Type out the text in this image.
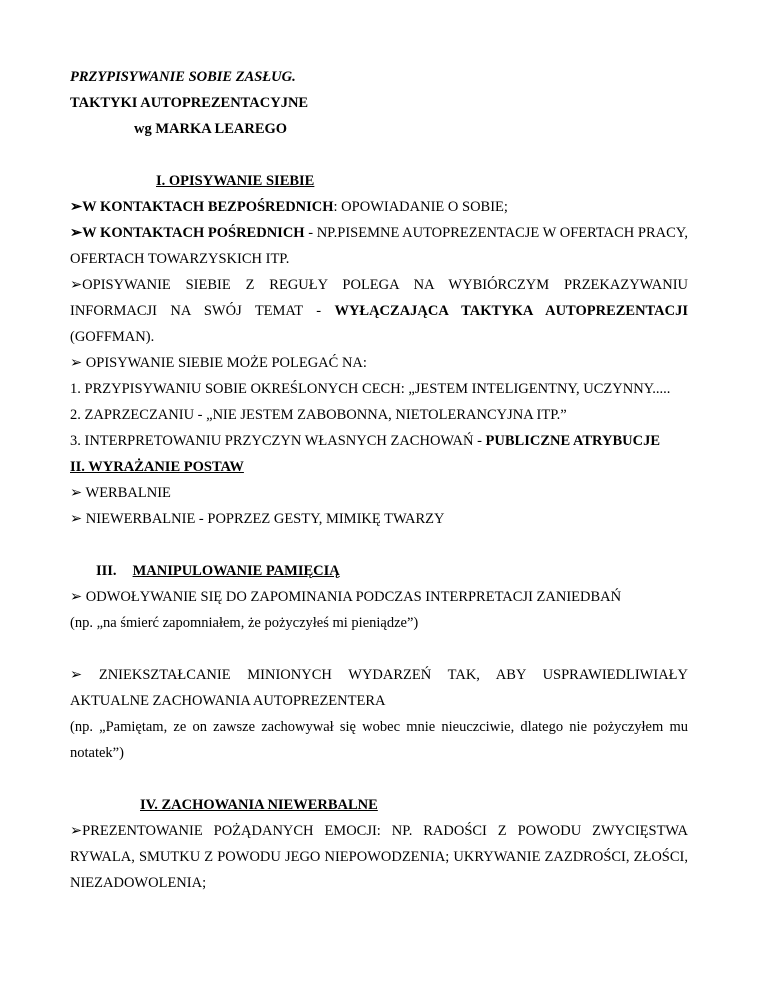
PRZYPISYWANIE SOBIE ZASŁUG.

TAKTYKI AUTOPREZENTACYJNE

wg MARKA LEAREGO

I. OPISYWANIE SIEBIE

➢W KONTAKTACH BEZPOŚREDNICH: OPOWIADANIE O SOBIE;

➢W KONTAKTACH POŚREDNICH - NP.PISEMNE AUTOPREZENTACJE W OFERTACH PRACY, OFERTACH TOWARZYSKICH ITP.

➢OPISYWANIE SIEBIE Z REGUŁY POLEGA NA WYBIÓRCZYM PRZEKAZYWANIU INFORMACJI NA SWÓJ TEMAT - WYŁĄCZAJĄCA TAKTYKA AUTOPREZENTACJI (GOFFMAN).

➢ OPISYWANIE SIEBIE MOŻE POLEGAĆ NA:

1. PRZYPISYWANIU SOBIE OKREŚLONYCH CECH: „JESTEM INTELIGENTNY, UCZYNNY.....

2. ZAPRZECZANIU - „NIE JESTEM ZABOBONNA, NIETOLERANCYJNA ITP.”

3. INTERPRETOWANIU PRZYCZYN WŁASNYCH ZACHOWAŃ - PUBLICZNE ATRYBUCJE

II. WYRAŻANIE POSTAW

➢ WERBALNIE

➢ NIEWERBALNIE - POPRZEZ GESTY, MIMIKĘ TWARZY

III. MANIPULOWANIE PAMIĘCIĄ

➢ ODWOŁYWANIE SIĘ DO ZAPOMINANIA PODCZAS INTERPRETACJI ZANIEDBAŃ

(np. „na śmierć zapomniałem, że pożyczyłeś mi pieniądze”)

➢ ZNIEKSZTAŁCANIE MINIONYCH WYDARZEŃ TAK, ABY USPRAWIEDLIWIAŁY AKTUALNE ZACHOWANIA AUTOPREZENTERA

(np. „Pamiętam, ze on zawsze zachowywał się wobec mnie nieuczciwie, dlatego nie pożyczyłem mu notatek”)

IV. ZACHOWANIA NIEWERBALNE

➢PREZENTOWANIE POŻĄDANYCH EMOCJI: NP. RADOŚCI Z POWODU ZWYCIĘSTWA RYWALA, SMUTKU Z POWODU JEGO NIEPOWODZENIA; UKRYWANIE ZAZDROŚCI, ZŁOŚCI, NIEZADOWOLENIA;
